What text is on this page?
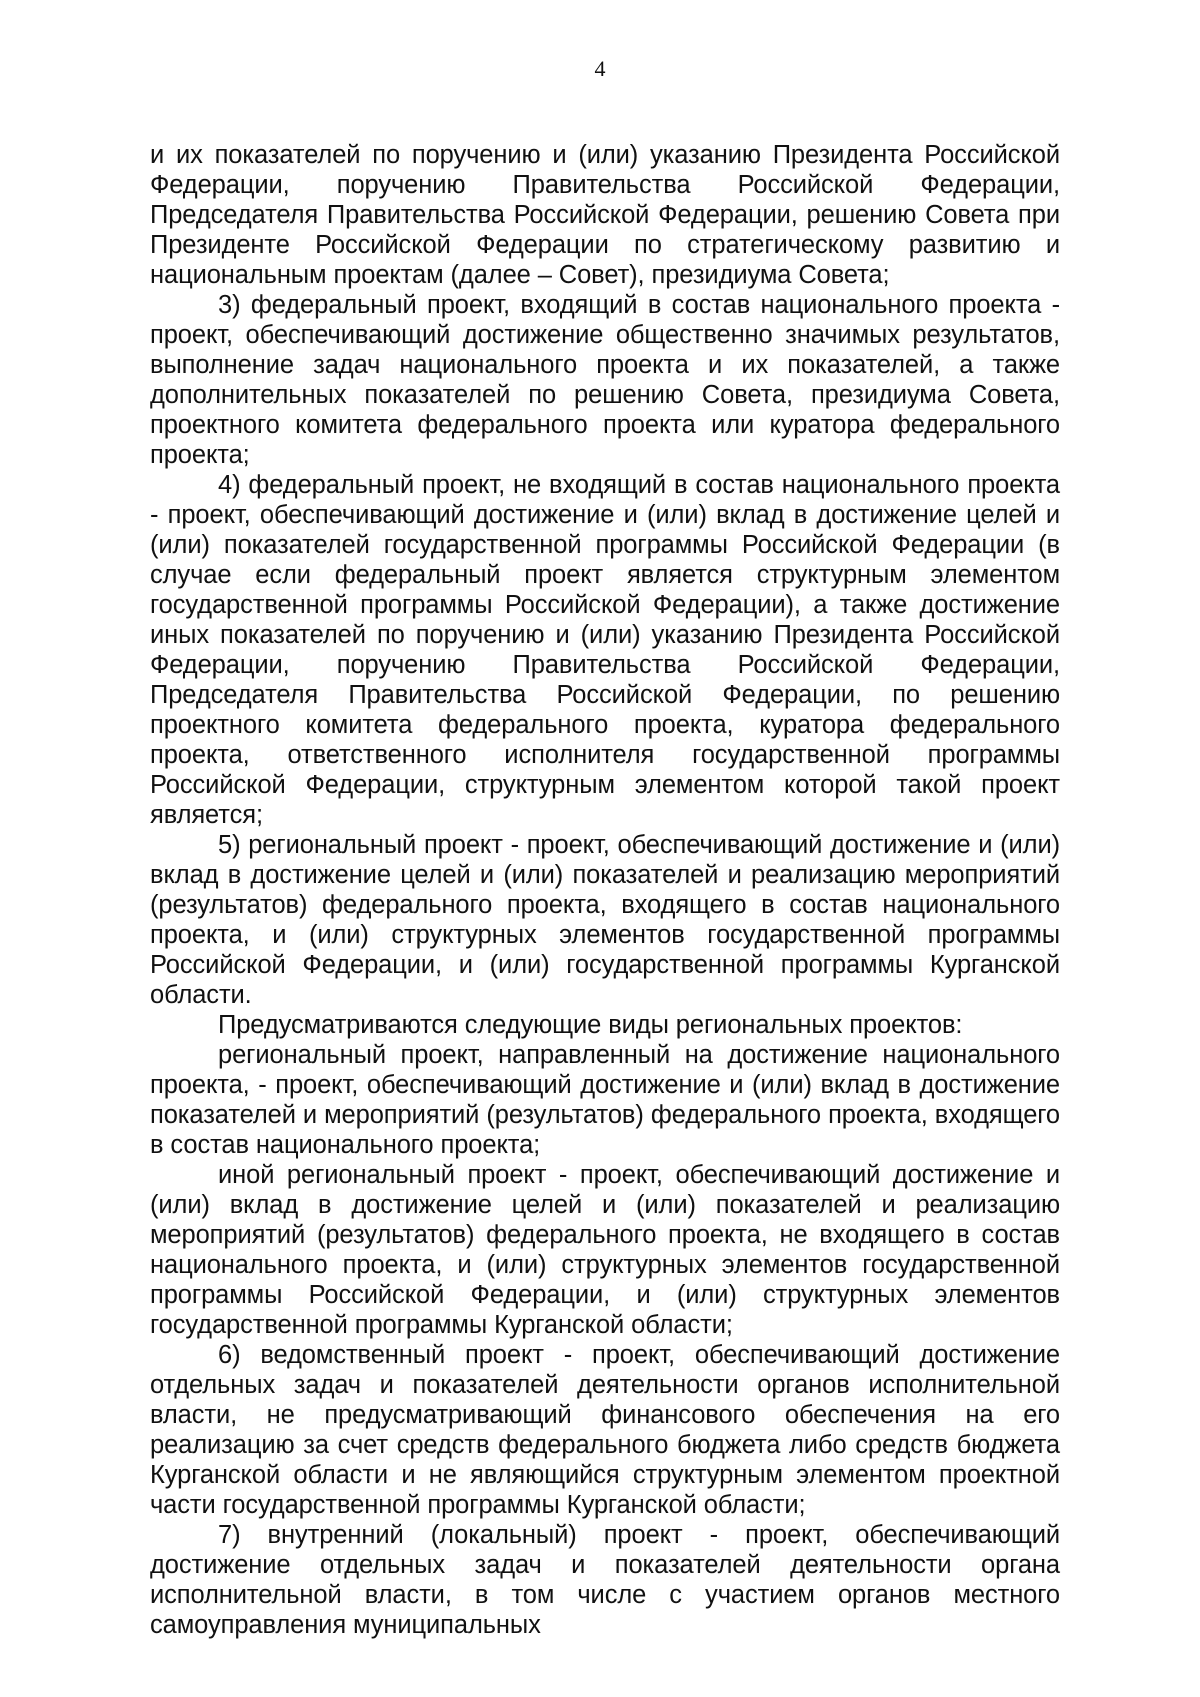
4

и их показателей по поручению и (или) указанию Президента Российской Федерации, поручению Правительства Российской Федерации, Председателя Правительства Российской Федерации, решению Совета при Президенте Российской Федерации по стратегическому развитию и национальным проектам (далее – Совет), президиума Совета;

3) федеральный проект, входящий в состав национального проекта - проект, обеспечивающий достижение общественно значимых результатов, выполнение задач национального проекта и их показателей, а также дополнительных показателей по решению Совета, президиума Совета, проектного комитета федерального проекта или куратора федерального проекта;

4) федеральный проект, не входящий в состав национального проекта - проект, обеспечивающий достижение и (или) вклад в достижение целей и (или) показателей государственной программы Российской Федерации (в случае если федеральный проект является структурным элементом государственной программы Российской Федерации), а также достижение иных показателей по поручению и (или) указанию Президента Российской Федерации, поручению Правительства Российской Федерации, Председателя Правительства Российской Федерации, по решению проектного комитета федерального проекта, куратора федерального проекта, ответственного исполнителя государственной программы Российской Федерации, структурным элементом которой такой проект является;

5) региональный проект - проект, обеспечивающий достижение и (или) вклад в достижение целей и (или) показателей и реализацию мероприятий (результатов) федерального проекта, входящего в состав национального проекта, и (или) структурных элементов государственной программы Российской Федерации, и (или) государственной программы Курганской области.

Предусматриваются следующие виды региональных проектов:

региональный проект, направленный на достижение национального проекта, - проект, обеспечивающий достижение и (или) вклад в достижение показателей и мероприятий (результатов) федерального проекта, входящего в состав национального проекта;

иной региональный проект - проект, обеспечивающий достижение и (или) вклад в достижение целей и (или) показателей и реализацию мероприятий (результатов) федерального проекта, не входящего в состав национального проекта, и (или) структурных элементов государственной программы Российской Федерации, и (или) структурных элементов государственной программы Курганской области;

6) ведомственный проект - проект, обеспечивающий достижение отдельных задач и показателей деятельности органов исполнительной власти, не предусматривающий финансового обеспечения на его реализацию за счет средств федерального бюджета либо средств бюджета Курганской области и не являющийся структурным элементом проектной части государственной программы Курганской области;

7) внутренний (локальный) проект - проект, обеспечивающий достижение отдельных задач и показателей деятельности органа исполнительной власти, в том числе с участием органов местного самоуправления муниципальных
